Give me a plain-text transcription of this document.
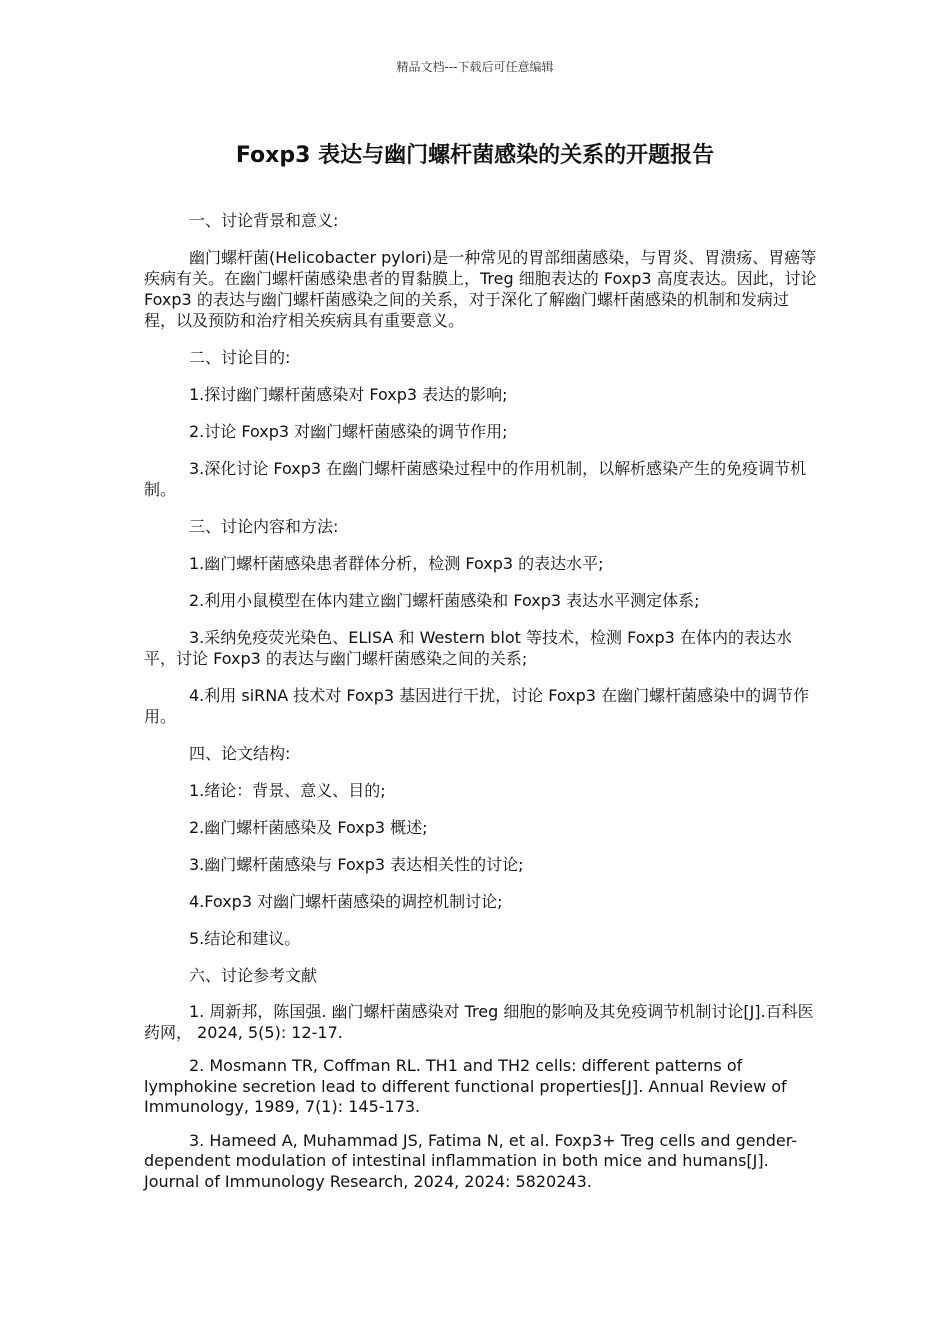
精品文档---下载后可任意编辑
Foxp3 表达与幽门螺杆菌感染的关系的开题报告

一、讨论背景和意义:

幽门螺杆菌(Helicobacter pylori)是一种常见的胃部细菌感染，与胃炎、胃溃疡、胃癌等疾病有关。在幽门螺杆菌感染患者的胃黏膜上，Treg 细胞表达的 Foxp3 高度表达。因此，讨论 Foxp3 的表达与幽门螺杆菌感染之间的关系，对于深化了解幽门螺杆菌感染的机制和发病过程，以及预防和治疗相关疾病具有重要意义。

二、讨论目的:

1.探讨幽门螺杆菌感染对 Foxp3 表达的影响;

2.讨论 Foxp3 对幽门螺杆菌感染的调节作用;

3.深化讨论 Foxp3 在幽门螺杆菌感染过程中的作用机制，以解析感染产生的免疫调节机制。

三、讨论内容和方法:

1.幽门螺杆菌感染患者群体分析，检测 Foxp3 的表达水平;

2.利用小鼠模型在体内建立幽门螺杆菌感染和 Foxp3 表达水平测定体系;

3.采纳免疫荧光染色、ELISA 和 Western blot 等技术，检测 Foxp3 在体内的表达水平，讨论 Foxp3 的表达与幽门螺杆菌感染之间的关系;

4.利用 siRNA 技术对 Foxp3 基因进行干扰，讨论 Foxp3 在幽门螺杆菌感染中的调节作用。

四、论文结构:

1.绪论：背景、意义、目的;

2.幽门螺杆菌感染及 Foxp3 概述;

3.幽门螺杆菌感染与 Foxp3 表达相关性的讨论;

4.Foxp3 对幽门螺杆菌感染的调控机制讨论;

5.结论和建议。

六、讨论参考文献

1. 周新邦，陈国强. 幽门螺杆菌感染对 Treg 细胞的影响及其免疫调节机制讨论[J].百科医药网， 2024, 5(5): 12-17.

2. Mosmann TR, Coffman RL. TH1 and TH2 cells: different patterns of lymphokine secretion lead to different functional properties[J]. Annual Review of Immunology, 1989, 7(1): 145-173.

3. Hameed A, Muhammad JS, Fatima N, et al. Foxp3+ Treg cells and gender-dependent modulation of intestinal inflammation in both mice and humans[J]. Journal of Immunology Research, 2024, 2024: 5820243.
